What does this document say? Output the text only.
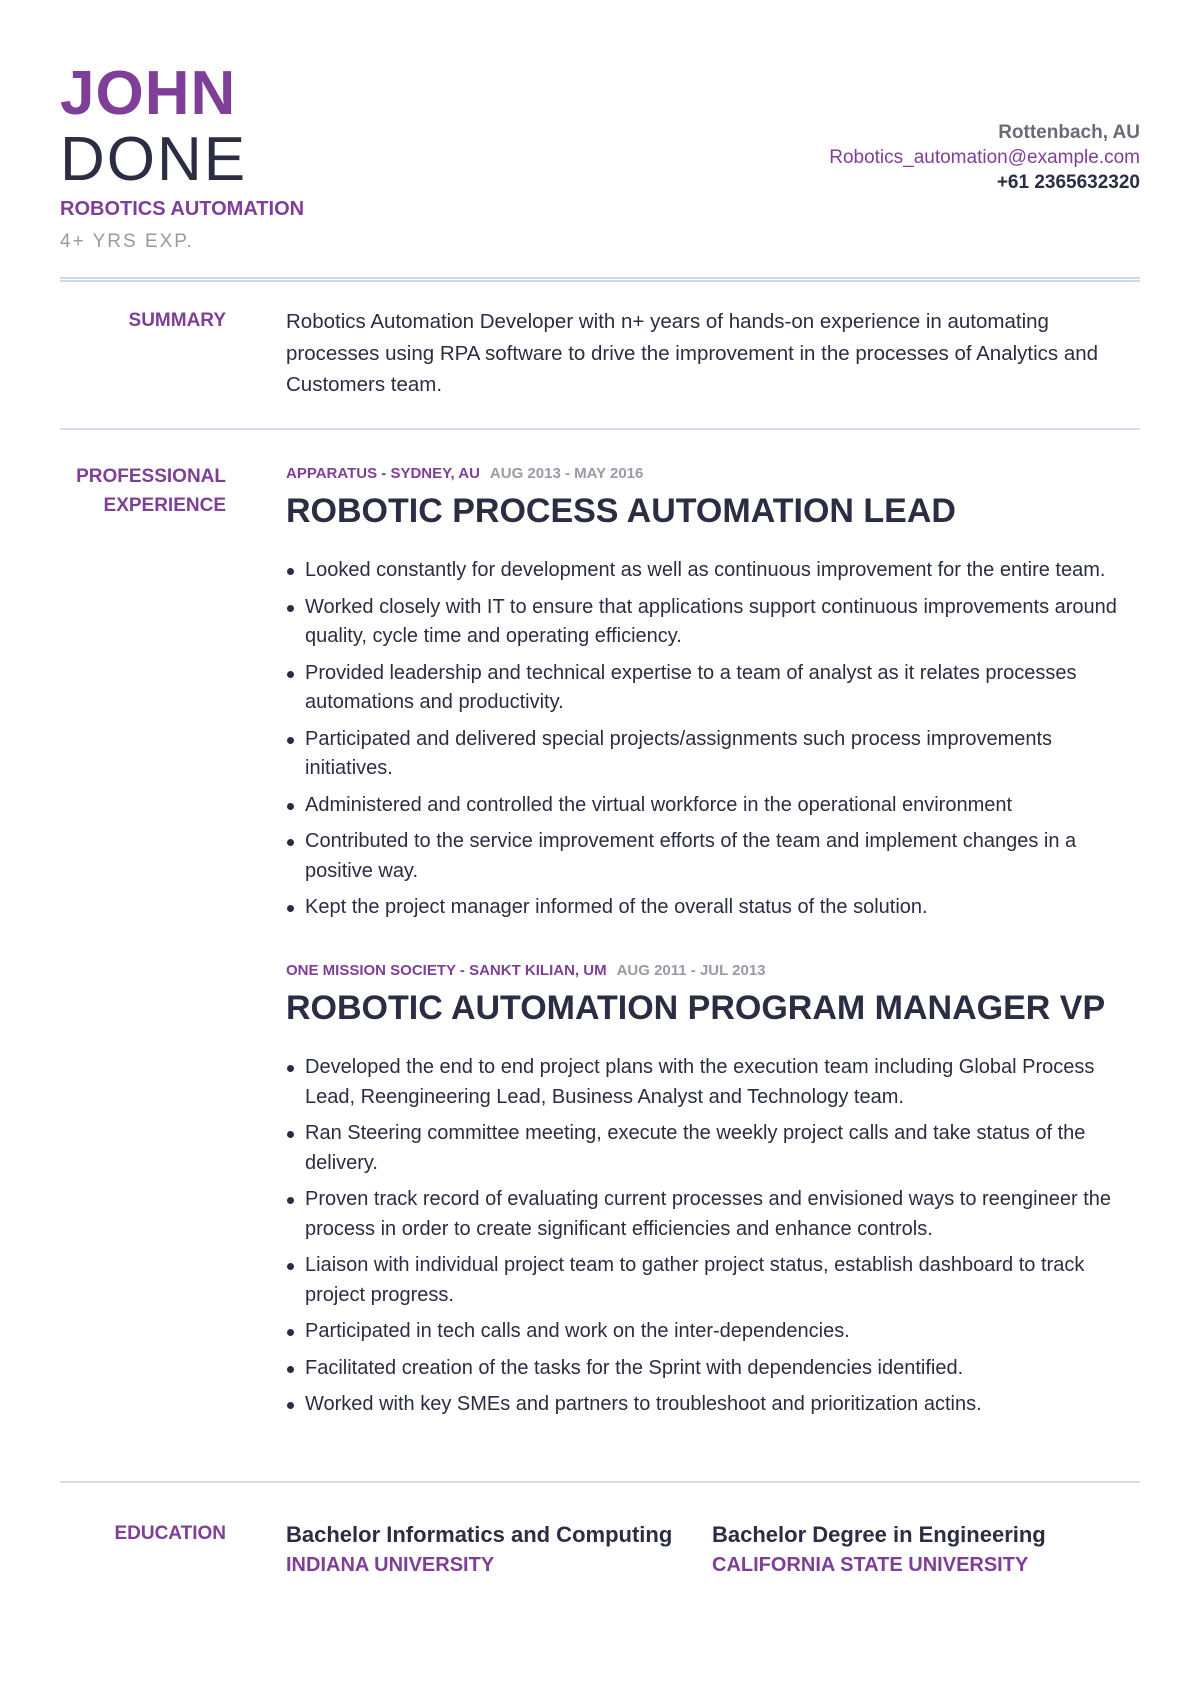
JOHN
DONE
ROBOTICS AUTOMATION
4+ YRS EXP.
Rottenbach, AU
Robotics_automation@example.com
+61 2365632320
SUMMARY	Robotics Automation Developer with n+ years of hands-on experience in automating processes using RPA software to drive the improvement in the processes of Analytics and Customers team.
PROFESSIONAL
EXPERIENCE
APPARATUS - SYDNEY, AU AUG 2013 - MAY 2016
ROBOTIC PROCESS AUTOMATION LEAD
Looked constantly for development as well as continuous improvement for the entire team.
Worked closely with IT to ensure that applications support continuous improvements around quality, cycle time and operating efficiency.
Provided leadership and technical expertise to a team of analyst as it relates processes automations and productivity.
Participated and delivered special projects/assignments such process improvements initiatives.
Administered and controlled the virtual workforce in the operational environment
Contributed to the service improvement efforts of the team and implement changes in a positive way.
Kept the project manager informed of the overall status of the solution.
ONE MISSION SOCIETY - SANKT KILIAN, UM AUG 2011 - JUL 2013
ROBOTIC AUTOMATION PROGRAM MANAGER VP
Developed the end to end project plans with the execution team including Global Process Lead, Reengineering Lead, Business Analyst and Technology team.
Ran Steering committee meeting, execute the weekly project calls and take status of the delivery.
Proven track record of evaluating current processes and envisioned ways to reengineer the process in order to create significant efficiencies and enhance controls.
Liaison with individual project team to gather project status, establish dashboard to track project progress.
Participated in tech calls and work on the inter-dependencies.
Facilitated creation of the tasks for the Sprint with dependencies identified.
Worked with key SMEs and partners to troubleshoot and prioritization actins.
EDUCATION	Bachelor Informatics and Computing
INDIANA UNIVERSITY
Bachelor Degree in Engineering
CALIFORNIA STATE UNIVERSITY
